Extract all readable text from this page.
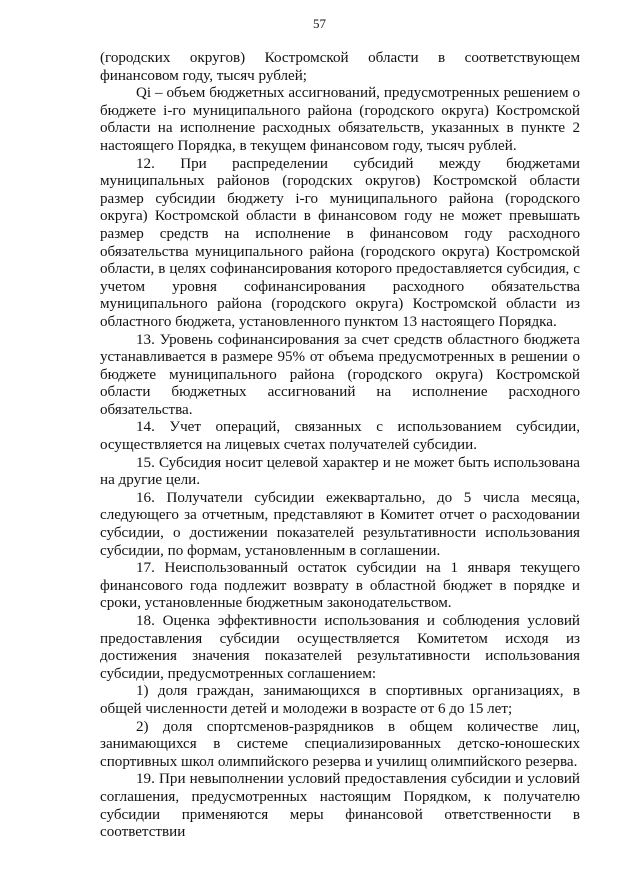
57

(городских округов) Костромской области в соответствующем финансовом году, тысяч рублей;

Qi – объем бюджетных ассигнований, предусмотренных решением о бюджете i-го муниципального района (городского округа) Костромской области на исполнение расходных обязательств, указанных в пункте 2 настоящего Порядка, в текущем финансовом году, тысяч рублей.

12. При распределении субсидий между бюджетами муниципальных районов (городских округов) Костромской области размер субсидии бюджету i-го муниципального района (городского округа) Костромской области в финансовом году не может превышать размер средств на исполнение в финансовом году расходного обязательства муниципального района (городского округа) Костромской области, в целях софинансирования которого предоставляется субсидия, с учетом уровня софинансирования расходного обязательства муниципального района (городского округа) Костромской области из областного бюджета, установленного пунктом 13 настоящего Порядка.

13. Уровень софинансирования за счет средств областного бюджета устанавливается в размере 95% от объема предусмотренных в решении о бюджете муниципального района (городского округа) Костромской области бюджетных ассигнований на исполнение расходного обязательства.

14. Учет операций, связанных с использованием субсидии, осуществляется на лицевых счетах получателей субсидии.

15. Субсидия носит целевой характер и не может быть использована на другие цели.

16. Получатели субсидии ежеквартально, до 5 числа месяца, следующего за отчетным, представляют в Комитет отчет о расходовании субсидии, о достижении показателей результативности использования субсидии, по формам, установленным в соглашении.

17. Неиспользованный остаток субсидии на 1 января текущего финансового года подлежит возврату в областной бюджет в порядке и сроки, установленные бюджетным законодательством.

18. Оценка эффективности использования и соблюдения условий предоставления субсидии осуществляется Комитетом исходя из достижения значения показателей результативности использования субсидии, предусмотренных соглашением:

1) доля граждан, занимающихся в спортивных организациях, в общей численности детей и молодежи в возрасте от 6 до 15 лет;

2) доля спортсменов-разрядников в общем количестве лиц, занимающихся в системе специализированных детско-юношеских спортивных школ олимпийского резерва и училищ олимпийского резерва.

19. При невыполнении условий предоставления субсидии и условий соглашения, предусмотренных настоящим Порядком, к получателю субсидии применяются меры финансовой ответственности в соответствии
